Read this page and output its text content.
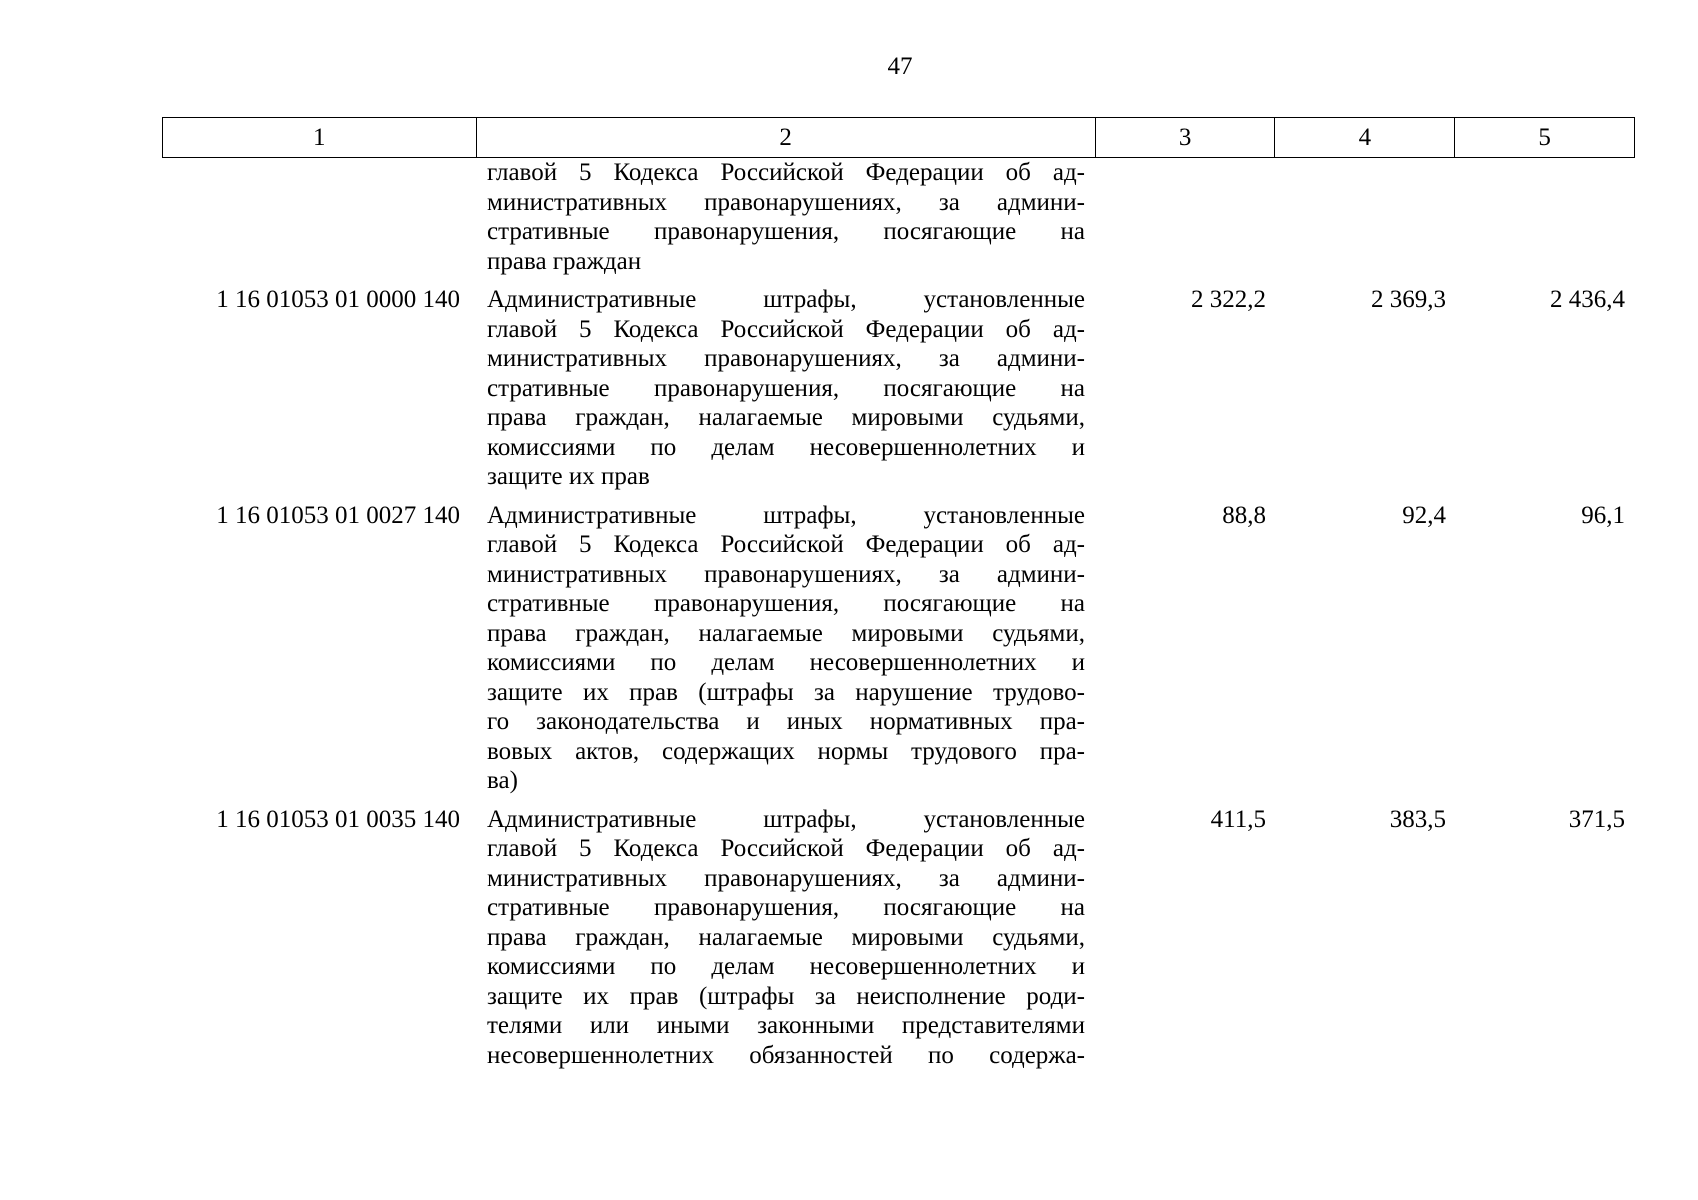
47
1	2	3	4	5
главой 5 Кодекса Российской Федерации об ад-
министративных правонарушениях, за админи-
стративные правонарушения, посягающие на
права граждан
1 16 01053 01 0000 140	Административные штрафы, установленные
главой 5 Кодекса Российской Федерации об ад-
министративных правонарушениях, за админи-
стративные правонарушения, посягающие на
права граждан, налагаемые мировыми судьями,
комиссиями по делам несовершеннолетних и
защите их прав
2 322,2	2 369,3	2 436,4
1 16 01053 01 0027 140	Административные штрафы, установленные
главой 5 Кодекса Российской Федерации об ад-
министративных правонарушениях, за админи-
стративные правонарушения, посягающие на
права граждан, налагаемые мировыми судьями,
комиссиями по делам несовершеннолетних и
защите их прав (штрафы за нарушение трудово-
го законодательства и иных нормативных пра-
вовых актов, содержащих нормы трудового пра-
ва)
88,8	92,4	96,1
1 16 01053 01 0035 140	Административные штрафы, установленные
главой 5 Кодекса Российской Федерации об ад-
министративных правонарушениях, за админи-
стративные правонарушения, посягающие на
права граждан, налагаемые мировыми судьями,
комиссиями по делам несовершеннолетних и
защите их прав (штрафы за неисполнение роди-
телями или иными законными представителями
несовершеннолетних обязанностей по содержа-
411,5	383,5	371,5
